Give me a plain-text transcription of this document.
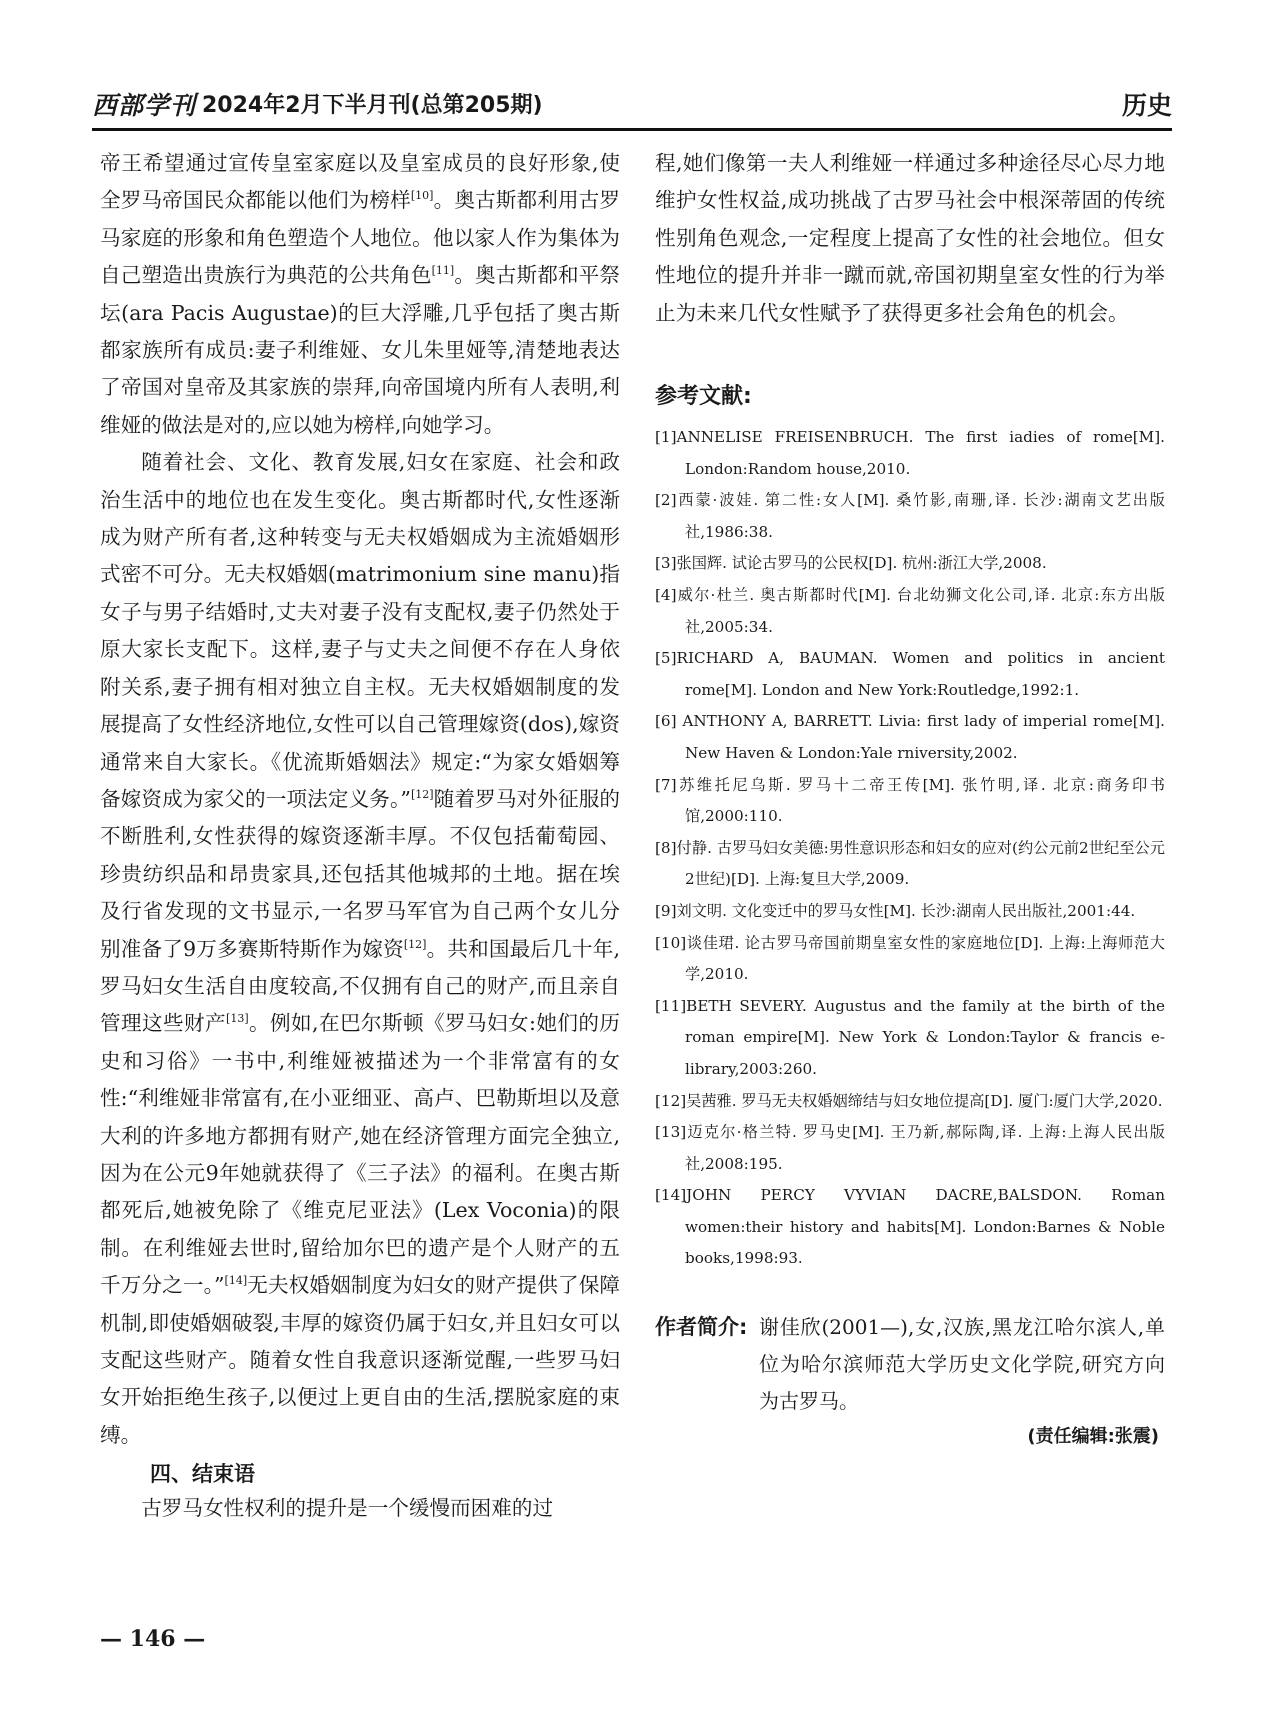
西部学刊 2024年2月下半月刊(总第205期)	历史

帝王希望通过宣传皇室家庭以及皇室成员的良好形象,使全罗马帝国民众都能以他们为榜样[10]。奥古斯都利用古罗马家庭的形象和角色塑造个人地位。他以家人作为集体为自己塑造出贵族行为典范的公共角色[11]。奥古斯都和平祭坛(ara Pacis Augustae)的巨大浮雕,几乎包括了奥古斯都家族所有成员:妻子利维娅、女儿朱里娅等,清楚地表达了帝国对皇帝及其家族的崇拜,向帝国境内所有人表明,利维娅的做法是对的,应以她为榜样,向她学习。

随着社会、文化、教育发展,妇女在家庭、社会和政治生活中的地位也在发生变化。奥古斯都时代,女性逐渐成为财产所有者,这种转变与无夫权婚姻成为主流婚姻形式密不可分。无夫权婚姻(matrimonium sine manu)指女子与男子结婚时,丈夫对妻子没有支配权,妻子仍然处于原大家长支配下。这样,妻子与丈夫之间便不存在人身依附关系,妻子拥有相对独立自主权。无夫权婚姻制度的发展提高了女性经济地位,女性可以自己管理嫁资(dos),嫁资通常来自大家长。《优流斯婚姻法》规定:“为家女婚姻筹备嫁资成为家父的一项法定义务。”[12]随着罗马对外征服的不断胜利,女性获得的嫁资逐渐丰厚。不仅包括葡萄园、珍贵纺织品和昂贵家具,还包括其他城邦的土地。据在埃及行省发现的文书显示,一名罗马军官为自己两个女儿分别准备了9万多赛斯特斯作为嫁资[12]。共和国最后几十年,罗马妇女生活自由度较高,不仅拥有自己的财产,而且亲自管理这些财产[13]。例如,在巴尔斯顿《罗马妇女:她们的历史和习俗》一书中,利维娅被描述为一个非常富有的女性:“利维娅非常富有,在小亚细亚、高卢、巴勒斯坦以及意大利的许多地方都拥有财产,她在经济管理方面完全独立,因为在公元9年她就获得了《三子法》的福利。在奥古斯都死后,她被免除了《维克尼亚法》(Lex Voconia)的限制。在利维娅去世时,留给加尔巴的遗产是个人财产的五千万分之一。”[14]无夫权婚姻制度为妇女的财产提供了保障机制,即使婚姻破裂,丰厚的嫁资仍属于妇女,并且妇女可以支配这些财产。随着女性自我意识逐渐觉醒,一些罗马妇女开始拒绝生孩子,以便过上更自由的生活,摆脱家庭的束缚。

四、结束语

古罗马女性权利的提升是一个缓慢而困难的过

程,她们像第一夫人利维娅一样通过多种途径尽心尽力地维护女性权益,成功挑战了古罗马社会中根深蒂固的传统性别角色观念,一定程度上提高了女性的社会地位。但女性地位的提升并非一蹴而就,帝国初期皇室女性的行为举止为未来几代女性赋予了获得更多社会角色的机会。

参考文献:
[1]ANNELISE FREISENBRUCH. The first iadies of rome[M]. London:Random house,2010.
[2]西蒙·波娃. 第二性:女人[M]. 桑竹影,南珊,译. 长沙:湖南文艺出版社,1986:38.
[3]张国辉. 试论古罗马的公民权[D]. 杭州:浙江大学,2008.
[4]威尔·杜兰. 奥古斯都时代[M]. 台北幼狮文化公司,译. 北京:东方出版社,2005:34.
[5]RICHARD A, BAUMAN. Women and politics in ancient rome[M]. London and New York:Routledge,1992:1.
[6] ANTHONY A, BARRETT. Livia: first lady of imperial rome[M]. New Haven & London:Yale rniversity,2002.
[7]苏维托尼乌斯. 罗马十二帝王传[M]. 张竹明,译. 北京:商务印书馆,2000:110.
[8]付静. 古罗马妇女美德:男性意识形态和妇女的应对(约公元前2世纪至公元2世纪)[D]. 上海:复旦大学,2009.
[9]刘文明. 文化变迁中的罗马女性[M]. 长沙:湖南人民出版社,2001:44.
[10]谈佳珺. 论古罗马帝国前期皇室女性的家庭地位[D]. 上海:上海师范大学,2010.
[11]BETH SEVERY. Augustus and the family at the birth of the roman empire[M]. New York & London:Taylor & francis e-library,2003:260.
[12]吴茜雅. 罗马无夫权婚姻缔结与妇女地位提高[D]. 厦门:厦门大学,2020.
[13]迈克尔·格兰特. 罗马史[M]. 王乃新,郝际陶,译. 上海:上海人民出版社,2008:195.
[14]JOHN PERCY VYVIAN DACRE,BALSDON. Roman women:their history and habits[M]. London:Barnes & Noble books,1998:93.
作者简介: 谢佳欣(2001—),女,汉族,黑龙江哈尔滨人,单位为哈尔滨师范大学历史文化学院,研究方向为古罗马。
(责任编辑:张震)
— 146 —
